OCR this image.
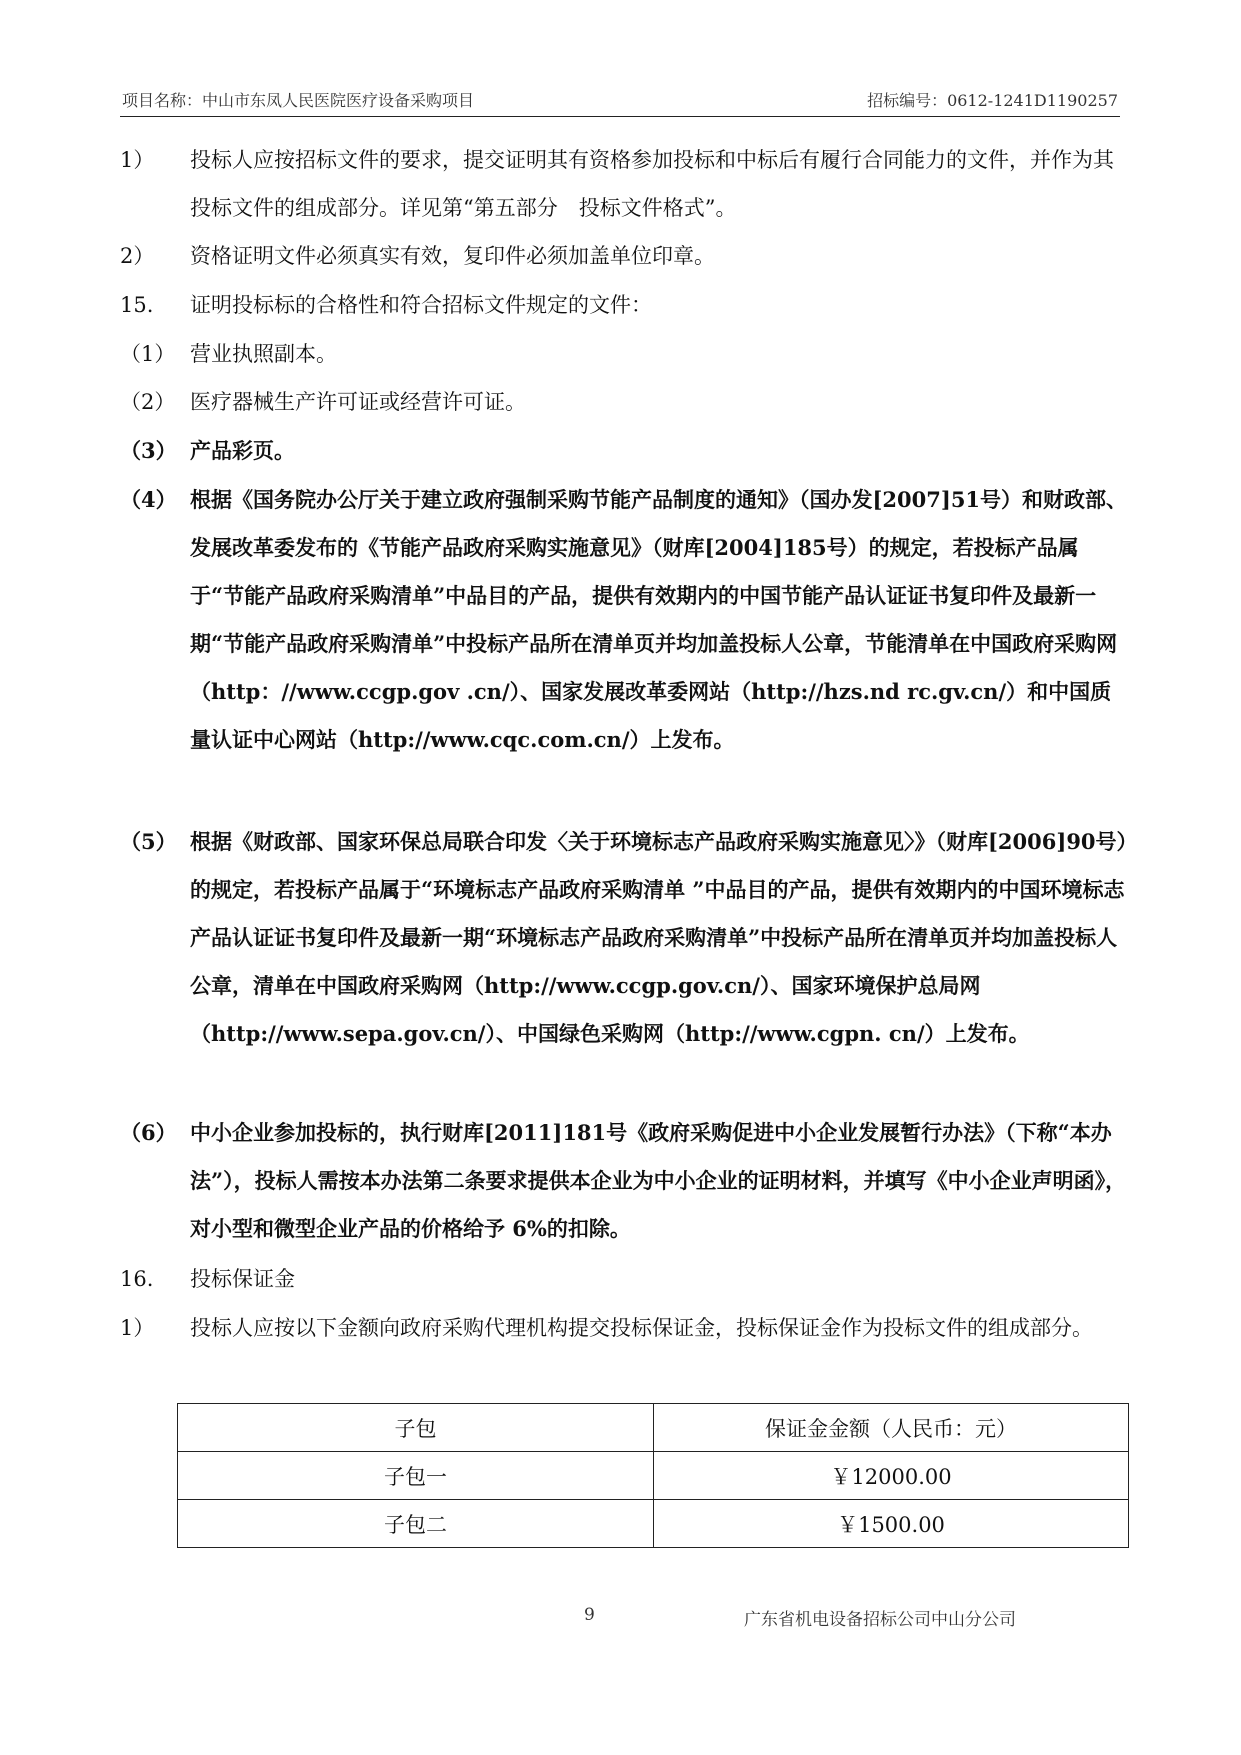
项目名称：中山市东凤人民医院医疗设备采购项目	招标编号：0612-1241D1190257
1）	投标人应按招标文件的要求，提交证明其有资格参加投标和中标后有履行合同能力的文件，并作为其投标文件的组成部分。详见第“第五部分　投标文件格式”。
2）	资格证明文件必须真实有效，复印件必须加盖单位印章。
15.	证明投标标的合格性和符合招标文件规定的文件：
（1） 营业执照副本。
（2） 医疗器械生产许可证或经营许可证。
（3） 产品彩页。
（4） 根据《国务院办公厅关于建立政府强制采购节能产品制度的通知》（国办发[2007]51号）和财政部、发展改革委发布的《节能产品政府采购实施意见》（财库[2004]185号）的规定，若投标产品属于“节能产品政府采购清单”中品目的产品，提供有效期内的中国节能产品认证证书复印件及最新一期“节能产品政府采购清单”中投标产品所在清单页并均加盖投标人公章，节能清单在中国政府采购网（http：//www.ccgp.gov .cn/）、国家发展改革委网站（http://hzs.nd rc.gv.cn/）和中国质量认证中心网站（http://www.cqc.com.cn/）上发布。
（5） 根据《财政部、国家环保总局联合印发〈关于环境标志产品政府采购实施意见〉》（财库[2006]90号）的规定，若投标产品属于“环境标志产品政府采购清单 ”中品目的产品，提供有效期内的中国环境标志产品认证证书复印件及最新一期“环境标志产品政府采购清单”中投标产品所在清单页并均加盖投标人公章，清单在中国政府采购网（http://www.ccgp.gov.cn/）、国家环境保护总局网（http://www.sepa.gov.cn/）、中国绿色采购网（http://www.cgpn. cn/）上发布。
（6） 中小企业参加投标的，执行财库[2011]181号《政府采购促进中小企业发展暂行办法》（下称“本办法”），投标人需按本办法第二条要求提供本企业为中小企业的证明材料，并填写《中小企业声明函》，对小型和微型企业产品的价格给予 6%的扣除。
16.	投标保证金
1）	投标人应按以下金额向政府采购代理机构提交投标保证金，投标保证金作为投标文件的组成部分。
子包	保证金金额（人民币：元）
子包一	￥12000.00
子包二	￥1500.00
9	广东省机电设备招标公司中山分公司
